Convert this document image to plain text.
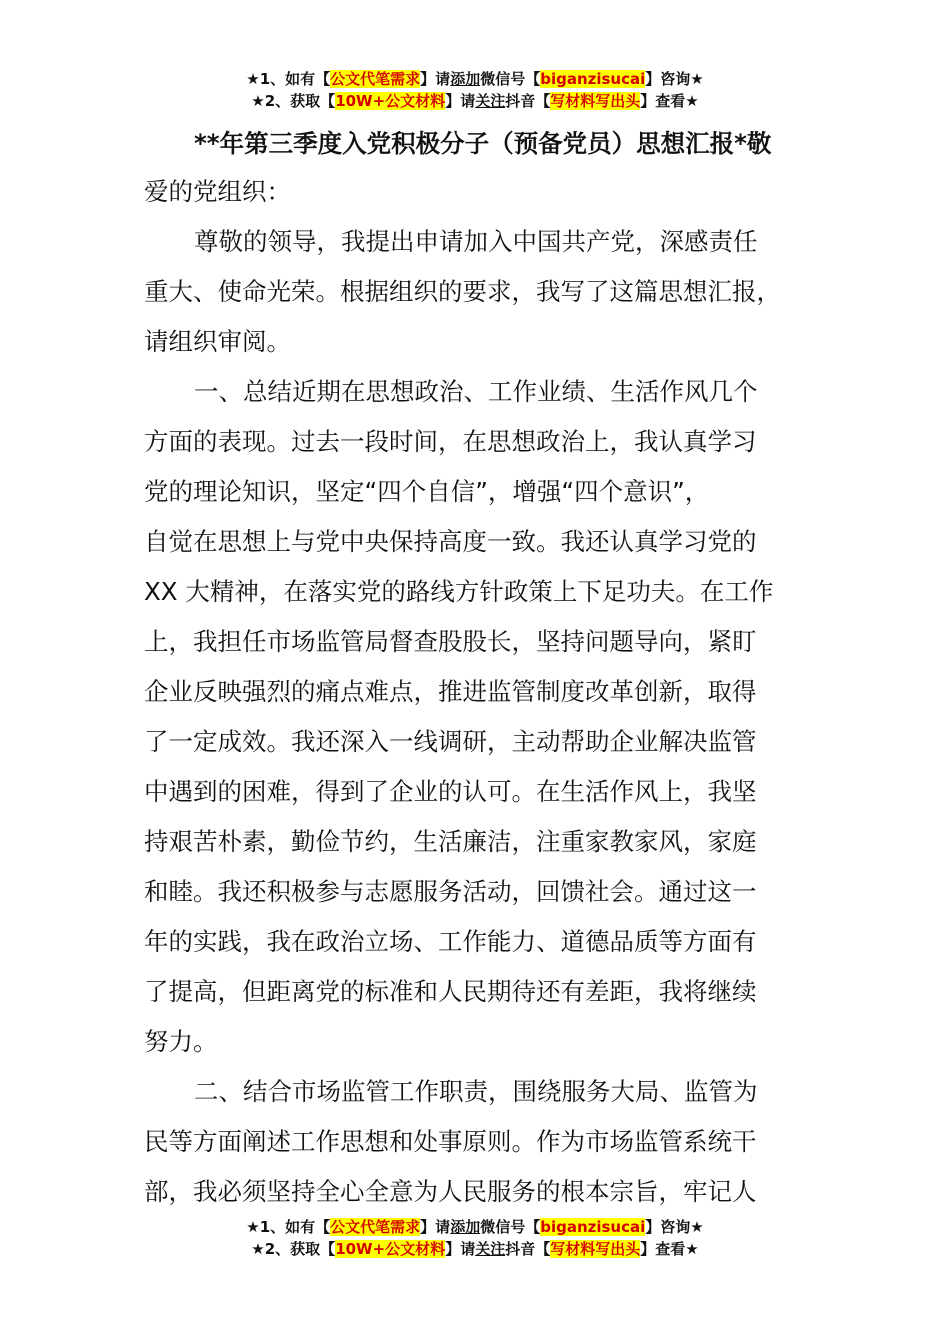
★1、如有【公文代笔需求】请添加微信号【biganzisucai】咨询★
★2、获取【10W+公文材料】请关注抖音【写材料写出头】查看★

**年第三季度入党积极分子（预备党员）思想汇报*敬

爱的党组织：

尊敬的领导，我提出申请加入中国共产党，深感责任

重大、使命光荣。根据组织的要求，我写了这篇思想汇报，

请组织审阅。

一、总结近期在思想政治、工作业绩、生活作风几个

方面的表现。过去一段时间，在思想政治上，我认真学习

党的理论知识，坚定“四个自信”，增强“四个意识”，

自觉在思想上与党中央保持高度一致。我还认真学习党的

XX 大精神，在落实党的路线方针政策上下足功夫。在工作

上，我担任市场监管局督查股股长，坚持问题导向，紧盯

企业反映强烈的痛点难点，推进监管制度改革创新，取得

了一定成效。我还深入一线调研，主动帮助企业解决监管

中遇到的困难，得到了企业的认可。在生活作风上，我坚

持艰苦朴素，勤俭节约，生活廉洁，注重家教家风，家庭

和睦。我还积极参与志愿服务活动，回馈社会。通过这一

年的实践，我在政治立场、工作能力、道德品质等方面有

了提高，但距离党的标准和人民期待还有差距，我将继续

努力。

二、结合市场监管工作职责，围绕服务大局、监管为

民等方面阐述工作思想和处事原则。作为市场监管系统干

部，我必须坚持全心全意为人民服务的根本宗旨，牢记人

★1、如有【公文代笔需求】请添加微信号【biganzisucai】咨询★
★2、获取【10W+公文材料】请关注抖音【写材料写出头】查看★
